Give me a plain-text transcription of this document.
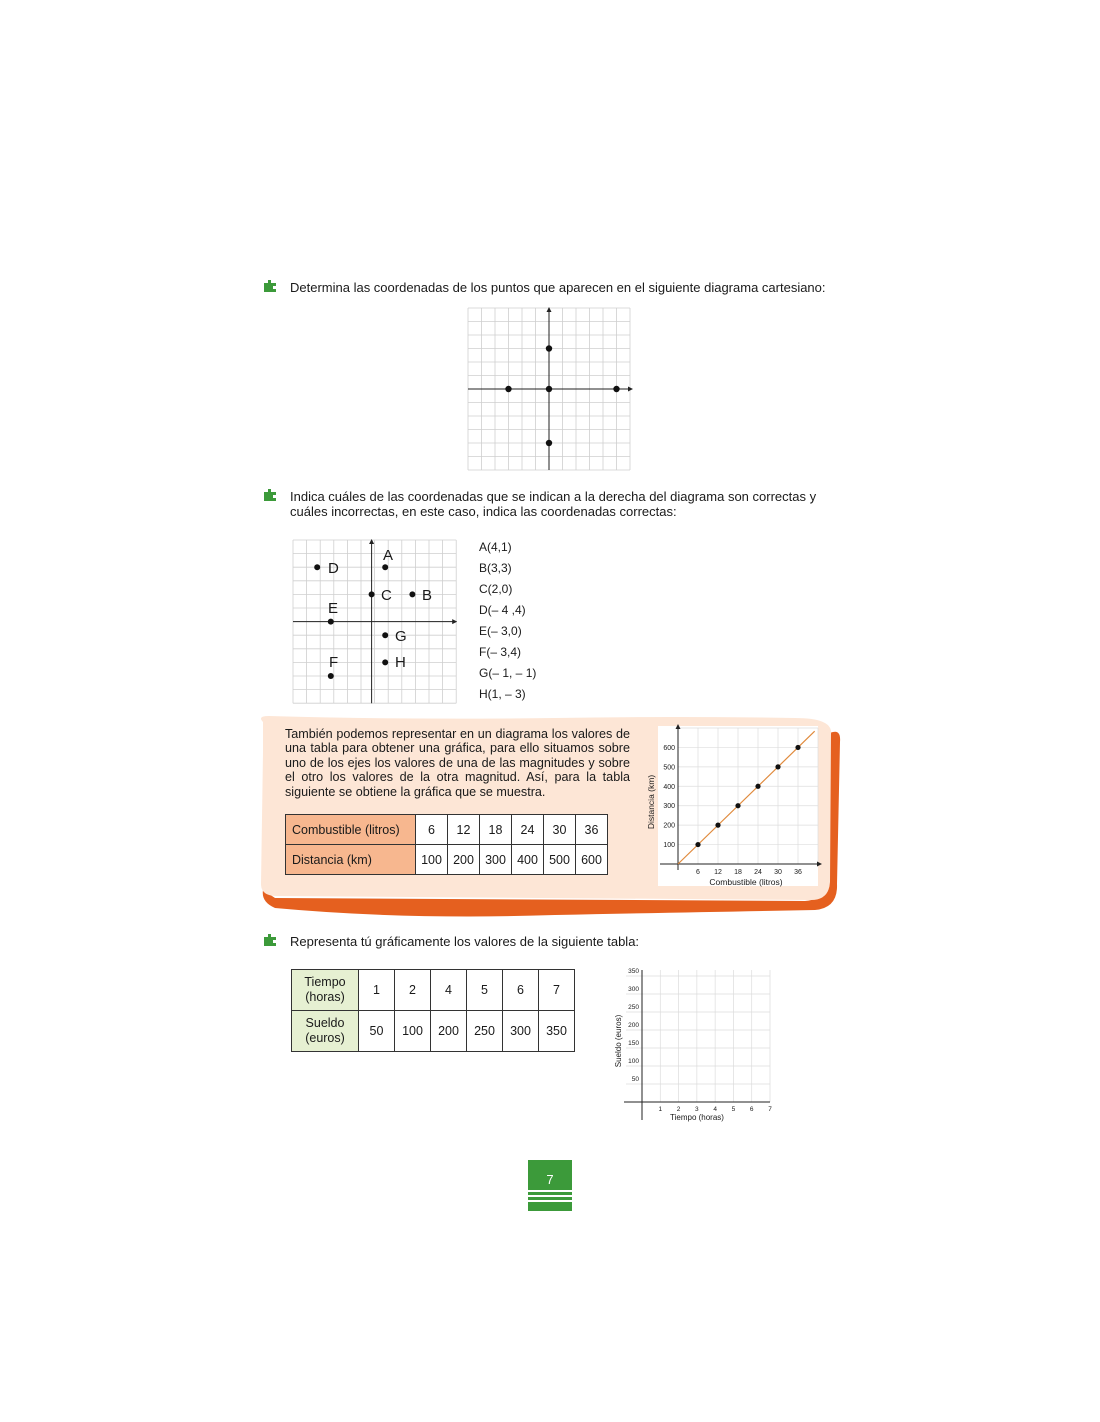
Determina las coordenadas de los puntos que aparecen en el siguiente diagrama cartesiano:
Indica cuáles de las coordenadas que se indican a la derecha del diagrama son correctas y
cuáles incorrectas, en este caso, indica las coordenadas correctas:
A
B
C
D
E
F
G
H
A(4,1)
B(3,3)
C(2,0)
D(– 4 ,4)
E(– 3,0)
F(– 3,4)
G(– 1, – 1)
H(1, – 3)
También podemos representar en un diagrama los valores de una tabla para obtener una gráfica, para ello situamos sobre uno de los ejes los valores de una de las magnitudes y sobre el otro los valores de la otra magnitud. Así, para la tabla siguiente se obtiene la gráfica que se muestra.
Combustible (litros)	6	12	18	24	30	36
Distancia (km)	100	200	300	400	500	600
6 12 18 24 30 36
100
200
300
400
500
600
Combustible (litros)
Distancia (km)
Representa tú gráficamente los valores de la siguiente tabla:
Tiempo
(horas)	1	2	4	5	6	7

Sueldo
(euros)	50	100	200	250	300	350
1 2 3 4 5 6 7
50
100
150
200
250
300
350
Tiempo (horas)
Sueldo (euros)
7
